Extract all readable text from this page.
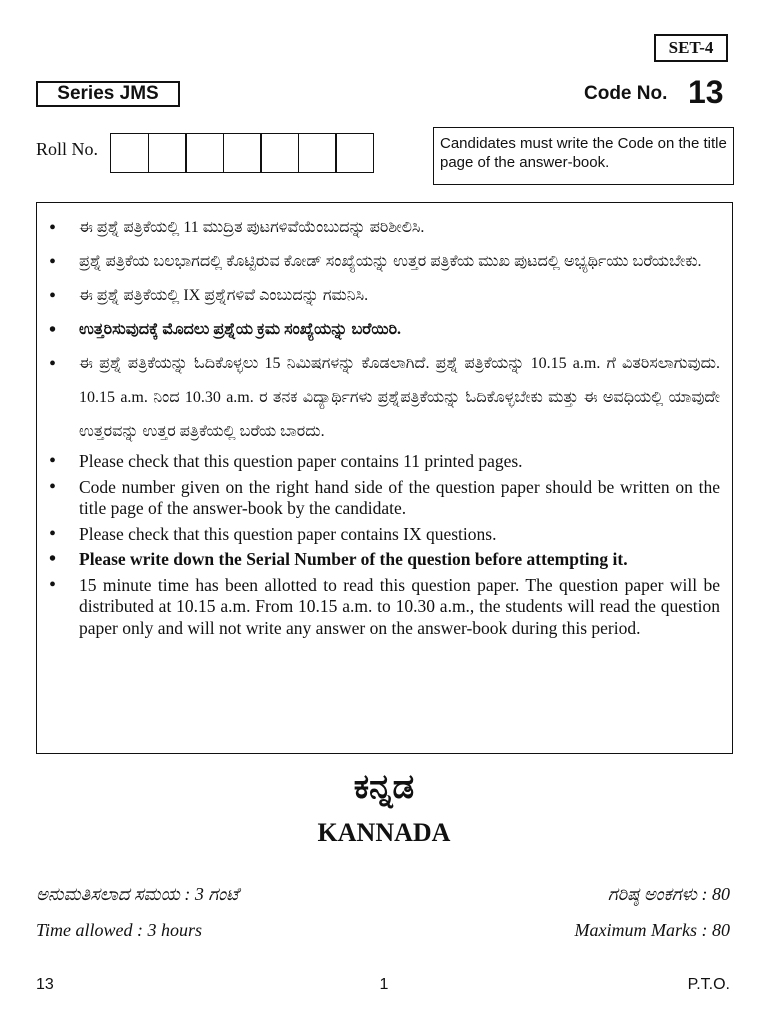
SET-4
Series JMS	Code No. 13
Roll No.	Candidates must write the Code on the title page of the answer-book.
• ಈ ಪ್ರಶ್ನೆ ಪತ್ರಿಕೆಯಲ್ಲಿ 11 ಮುದ್ರಿತ ಪುಟಗಳಿವೆಯೆಂಬುದನ್ನು ಪರಿಶೀಲಿಸಿ.
• ಪ್ರಶ್ನೆ ಪತ್ರಿಕೆಯ ಬಲಭಾಗದಲ್ಲಿ ಕೊಟ್ಟಿರುವ ಕೋಡ್ ಸಂಖ್ಯೆಯನ್ನು ಉತ್ತರ ಪತ್ರಿಕೆಯ ಮುಖ ಪುಟದಲ್ಲಿ ಅಭ್ಯರ್ಥಿಯು ಬರೆಯಬೇಕು.
• ಈ ಪ್ರಶ್ನೆ ಪತ್ರಿಕೆಯಲ್ಲಿ IX ಪ್ರಶ್ನೆಗಳಿವೆ ಎಂಬುದನ್ನು ಗಮನಿಸಿ.
• ಉತ್ತರಿಸುವುದಕ್ಕೆ ಮೊದಲು ಪ್ರಶ್ನೆಯ ಕ್ರಮ ಸಂಖ್ಯೆಯನ್ನು ಬರೆಯಿರಿ.
• ಈ ಪ್ರಶ್ನೆ ಪತ್ರಿಕೆಯನ್ನು ಓದಿಕೊಳ್ಳಲು 15 ನಿಮಿಷಗಳನ್ನು ಕೊಡಲಾಗಿದೆ. ಪ್ರಶ್ನೆ ಪತ್ರಿಕೆಯನ್ನು 10.15 a.m. ಗೆ ವಿತರಿಸಲಾಗುವುದು. 10.15 a.m. ನಿಂದ 10.30 a.m. ರ ತನಕ ವಿದ್ಯಾರ್ಥಿಗಳು ಪ್ರಶ್ನೆಪತ್ರಿಕೆಯನ್ನು ಓದಿಕೊಳ್ಳಬೇಕು ಮತ್ತು ಈ ಅವಧಿಯಲ್ಲಿ ಯಾವುದೇ ಉತ್ತರವನ್ನು ಉತ್ತರ ಪತ್ರಿಕೆಯಲ್ಲಿ ಬರೆಯ ಬಾರದು.
• Please check that this question paper contains 11 printed pages.
• Code number given on the right hand side of the question paper should be written on the title page of the answer-book by the candidate.
• Please check that this question paper contains IX questions.
• Please write down the Serial Number of the question before attempting it.
• 15 minute time has been allotted to read this question paper. The question paper will be distributed at 10.15 a.m. From 10.15 a.m. to 10.30 a.m., the students will read the question paper only and will not write any answer on the answer-book during this period.
ಕನ್ನಡ
KANNADA
ಅನುಮತಿಸಲಾದ ಸಮಯ : 3 ಗಂಟೆ	ಗರಿಷ್ಠ ಅಂಕಗಳು : 80
Time allowed : 3 hours	Maximum Marks : 80
13	1	P.T.O.
